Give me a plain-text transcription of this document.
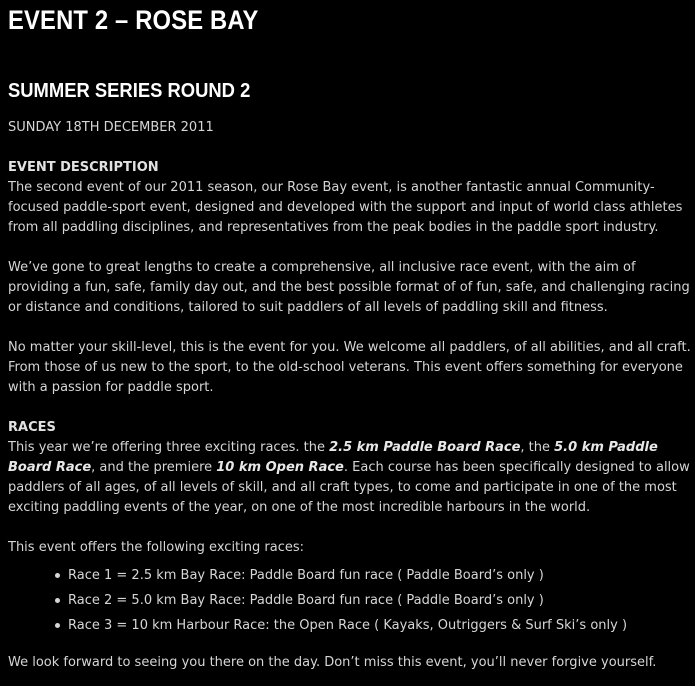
EVENT 2 – ROSE BAY
SUMMER SERIES ROUND 2

SUNDAY 18TH DECEMBER 2011

EVENT DESCRIPTION

The second event of our 2011 season, our Rose Bay event, is another fantastic annual Community-focused paddle-sport event, designed and developed with the support and input of world class athletes from all paddling disciplines, and representatives from the peak bodies in the paddle sport industry.

We’ve gone to great lengths to create a comprehensive, all inclusive race event, with the aim of providing a fun, safe, family day out, and the best possible format of of fun, safe, and challenging racing or distance and conditions, tailored to suit paddlers of all levels of paddling skill and fitness.

No matter your skill-level, this is the event for you. We welcome all paddlers, of all abilities, and all craft. From those of us new to the sport, to the old-school veterans. This event offers something for everyone with a passion for paddle sport.

RACES

This year we’re offering three exciting races. the 2.5 km Paddle Board Race, the 5.0 km Paddle Board Race, and the premiere 10 km Open Race. Each course has been specifically designed to allow paddlers of all ages, of all levels of skill, and all craft types, to come and participate in one of the most exciting paddling events of the year, on one of the most incredible harbours in the world.

This event offers the following exciting races:

Race 1 = 2.5 km Bay Race: Paddle Board fun race ( Paddle Board’s only )
Race 2 = 5.0 km Bay Race: Paddle Board fun race ( Paddle Board’s only )
Race 3 = 10 km Harbour Race: the Open Race ( Kayaks, Outriggers & Surf Ski’s only )

We look forward to seeing you there on the day. Don’t miss this event, you’ll never forgive yourself.
